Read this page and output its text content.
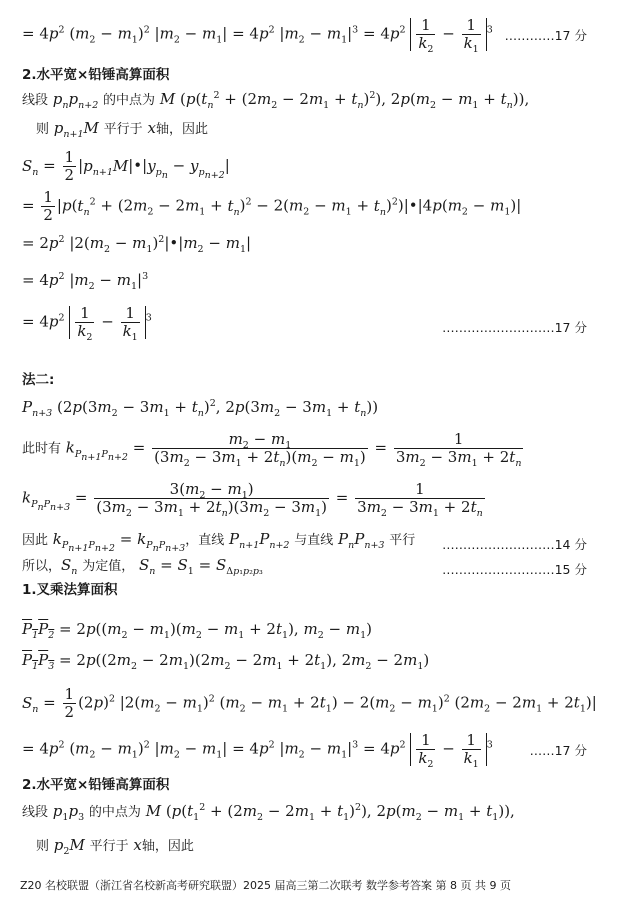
= $4p^2$ $(m_2 - m_1)^2$ $|m_2 - m_1| = 4p^2$ $|m_2 - m_1|^3 = 4p^2 \frac{1}{k_2} - \frac{1}{k_1} ^3$ …………17 分
2.水平宽×铅锤高算面积
线段 $p_np_{n+2}$ 的中点为 M ($p(t_n^2 + (2m_2 - 2m_1 + t_n)^2)$, $2p(m_2 - m_1 + t_n)$),
则 $p_{n+1}M$ 平行于 x轴，因此
$S_n = \frac{1}{2}$ $|p_{n+1}M|•|y_{p_n} - y_{p_{n+2}}|$
= $\frac{1}{2} |p(t_n^2 + (2m_2 - 2m_1 + t_n)^2 - 2(m_2 - m_1$ + $t_n)^2)|•|4p(m_2 - m_1)|$
= $2p^2$ $|2(m_2$ − $m_1)^2|•|m_2 - m_1|$
= $4p^2$ $|m_2 - m_1|^3$
= $4p^2 \frac{1}{k_2} - \frac{1}{k_1} ^3$
………………………17 分
法二:
$P_{n+3}$ ($2p(3m_2 - 3m_1 + t_n)^2$, $2p(3m_2 - 3m_1 + t_n)$)
此时有 $k_{P_{n+1}P_{n+2}} = \frac{m_2 - m_1}{(3m_2 - 3m_1 + 2t_n)(m_2 - m_1)} = \frac{1}{3m_2 - 3m_1 + 2t_n}$
$k_{P_nP_{n+3}} = \frac{3(m_2 - m_1)}{(3m_2 - 3m_1 + 2t_n)(3m_2 - 3m_1)} = \frac{1}{3m_2 - 3m_1 + 2t_n}$
因此 $k_{P_{n+1}P_{n+2}} = k_{P_nP_{n+3}}$，直线 $P_{n+1}P_{n+2}$ 与直线 $P_nP_{n+3}$ 平行 ………………………14 分
所以，$S_n$ 为定值， $S_n = S_1 = S_{\Delta p_1p_2p_3}$	………………………15 分
1.叉乘法算面积
$P_1P_2 = 2p((m_2 - m_1)(m_2 - m_1 + 2t_1)$, $m_2 - m_1$)
$P_1P_3 = 2p((2m_2 - 2m_1)(2m_2 - 2m_1 + 2t_1)$, $2m_2 - 2m_1$)
$S_n = \frac{1}{2} (2p)^2$ $|2(m_2 - m_1)^2$ $(m_2 - m_1 + 2t_1) - 2(m_2 - m_1)^2$ $(2m_2 - 2m_1 + 2t_1)|$
= $4p^2$ $(m_2 - m_1)^2$ $|m_2 - m_1| = 4p^2$ $|m_2 - m_1|^3 = 4p^2 \frac{1}{k_2} - \frac{1}{k_1} ^3$	……17 分
2.水平宽×铅锤高算面积
线段 $p_1p_3$ 的中点为 M ($p(t_1^2 + (2m_2 - 2m_1 + t_1)^2)$, $2p(m_2 - m_1 + t_1)$),
则 $p_2M$ 平行于 x轴，因此
Z20 名校联盟（浙江省名校新高考研究联盟）2025 届高三第二次联考 数学参考答案 第 8 页 共 9 页
